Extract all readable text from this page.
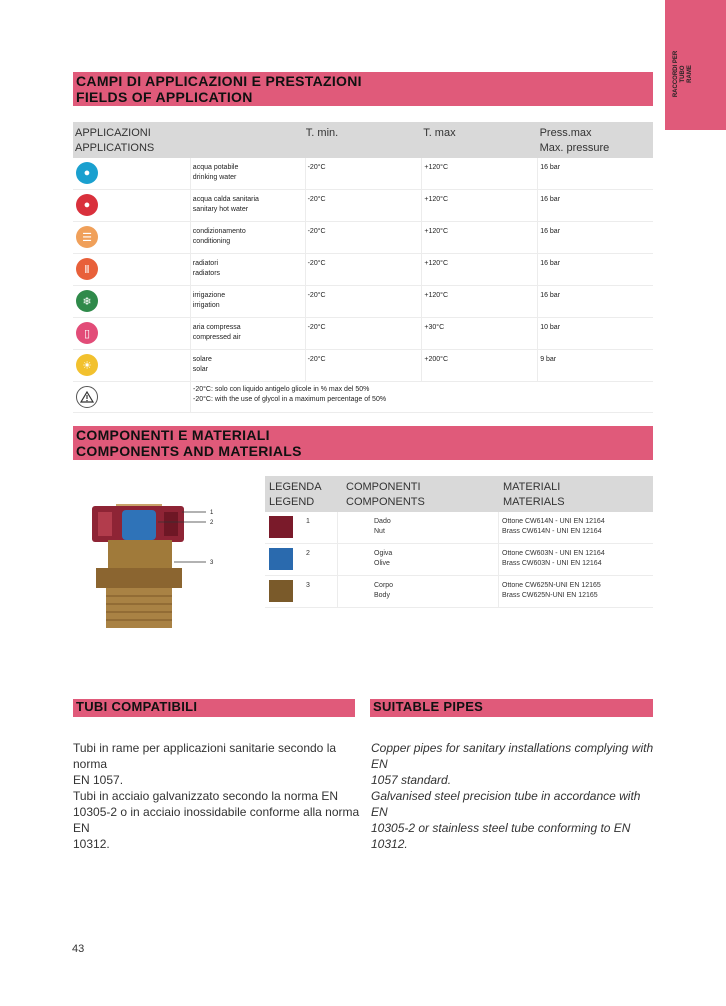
RACCORDI PER TUBO RAME
CAMPI DI APPLICAZIONI E PRESTAZIONI
FIELDS OF APPLICATION
APPLICAZIONI
APPLICATIONS
T. min.	T. max	Press.max
Max. pressure
●	acqua potabile
drinking water
-20°C	+120°C	16 bar
●	acqua calda sanitaria
sanitary hot water
-20°C	+120°C	16 bar
☰	condizionamento
conditioning
-20°C	+120°C	16 bar
Ⅱ	radiatori
radiators
-20°C	+120°C	16 bar
❄	irrigazione
irrigation
-20°C	+120°C	16 bar
▯	aria compressa
compressed air
-20°C	+30°C	10 bar
☀	solare
solar
-20°C	+200°C	9 bar
-20°C: solo con liquido antigelo glicole in % max del 50%
-20°C: with the use of glycol in a maximum percentage of 50%
COMPONENTI E MATERIALI
COMPONENTS AND MATERIALS
1
2
3
LEGENDA
LEGEND
COMPONENTI
COMPONENTS
MATERIALI
MATERIALS
1	Dado
Nut
Ottone CW614N - UNI EN 12164
Brass CW614N - UNI EN 12164
2	Ogiva
Olive
Ottone CW603N - UNI EN 12164
Brass CW603N - UNI EN 12164
3	Corpo
Body
Ottone CW625N-UNI EN 12165
Brass CW625N-UNI EN 12165
TUBI COMPATIBILI	SUITABLE PIPES
Tubi in rame per applicazioni sanitarie secondo la norma
EN 1057.
Tubi in acciaio galvanizzato secondo la norma EN
10305-2 o in acciaio inossidabile conforme alla norma EN
10312.
Copper pipes for sanitary installations complying with EN
1057 standard.
Galvanised steel precision tube in accordance with EN
10305-2 or stainless steel tube conforming to EN 10312.
43
